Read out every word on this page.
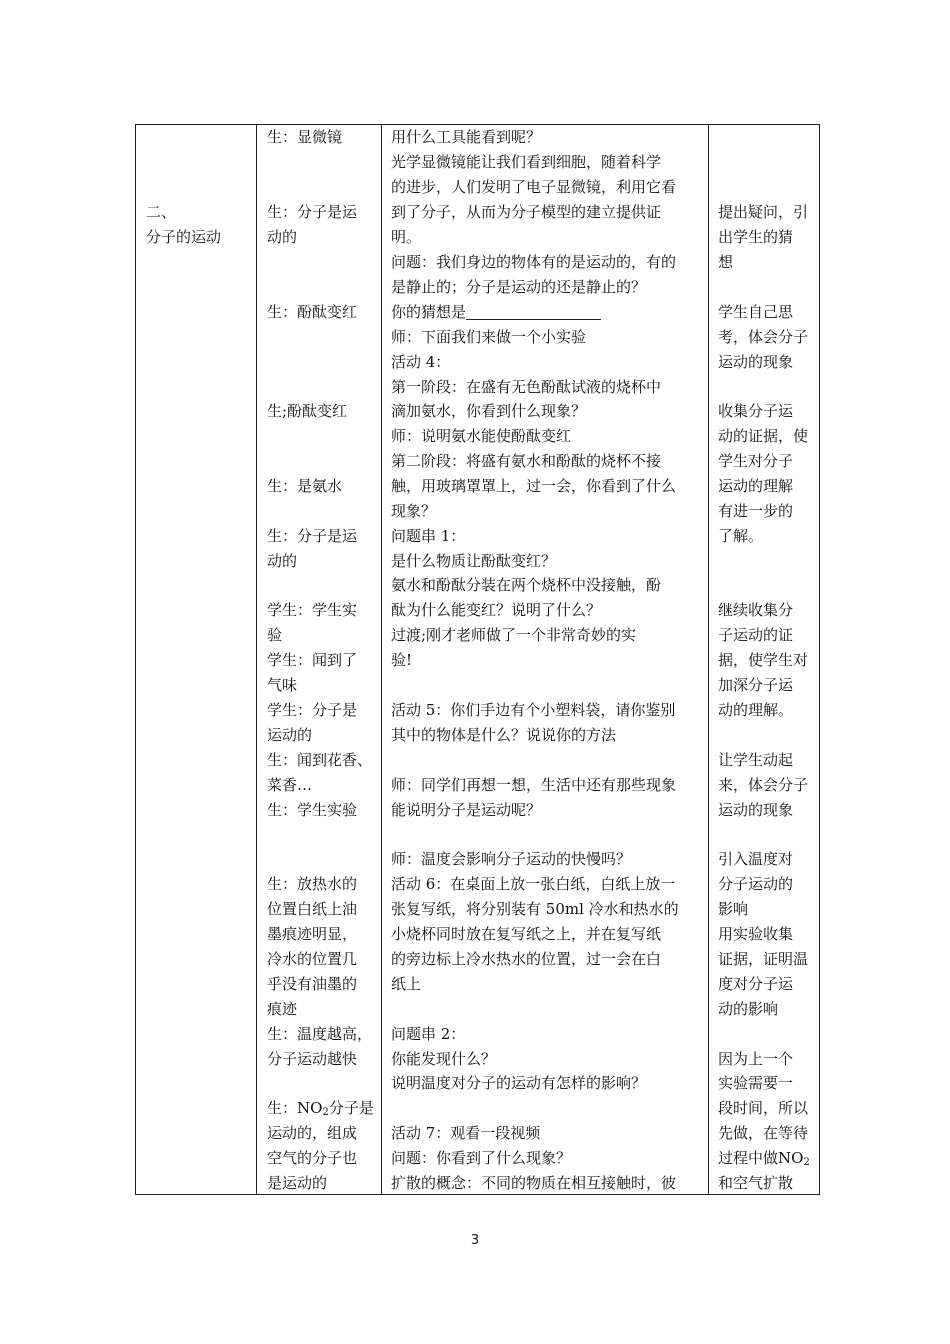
二、
分子的运动
生：显微镜
生：分子是运
动的
生：酚酞变红
生;酚酞变红
生：是氨水
生：分子是运
动的
学生：学生实
验
学生：闻到了
气味
学生：分子是
运动的
生：闻到花香、
菜香…
生：学生实验
生：放热水的
位置白纸上油
墨痕迹明显，
冷水的位置几
乎没有油墨的
痕迹
生：温度越高，
分子运动越快
生：$NO_2$分子是
运动的，组成
空气的分子也
是运动的
用什么工具能看到呢？
光学显微镜能让我们看到细胞，随着科学
的进步，人们发明了电子显微镜，利用它看
到了分子，从而为分子模型的建立提供证
明。
问题：我们身边的物体有的是运动的，有的
是静止的；分子是运动的还是静止的？
你的猜想是
师：下面我们来做一个小实验
活动 4：
第一阶段：在盛有无色酚酞试液的烧杯中
滴加氨水，你看到什么现象？
师：说明氨水能使酚酞变红
第二阶段：将盛有氨水和酚酞的烧杯不接
触，用玻璃罩罩上，过一会，你看到了什么
现象？
问题串 1：
是什么物质让酚酞变红？
氨水和酚酞分装在两个烧杯中没接触，酚
酞为什么能变红？说明了什么？
过渡;刚才老师做了一个非常奇妙的实
验!
活动 5：你们手边有个小塑料袋，请你鉴别
其中的物体是什么？说说你的方法
师：同学们再想一想，生活中还有那些现象
能说明分子是运动呢？
师：温度会影响分子运动的快慢吗？
活动 6：在桌面上放一张白纸，白纸上放一
张复写纸，将分别装有 50ml 冷水和热水的
小烧杯同时放在复写纸之上，并在复写纸
的旁边标上冷水热水的位置，过一会在白
纸上
问题串 2：
你能发现什么？
说明温度对分子的运动有怎样的影响？
活动 7：观看一段视频
问题：你看到了什么现象？
扩散的概念：不同的物质在相互接触时，彼
提出疑问，引
出学生的猜
想
学生自己思
考，体会分子
运动的现象
收集分子运
动的证据，使
学生对分子
运动的理解
有进一步的
了解。
继续收集分
子运动的证
据，使学生对
加深分子运
动的理解。
让学生动起
来，体会分子
运动的现象
引入温度对
分子运动的
影响
用实验收集
证据，证明温
度对分子运
动的影响
因为上一个
实验需要一
段时间，所以
先做，在等待
过程中做$NO_2$
和空气扩散
3
